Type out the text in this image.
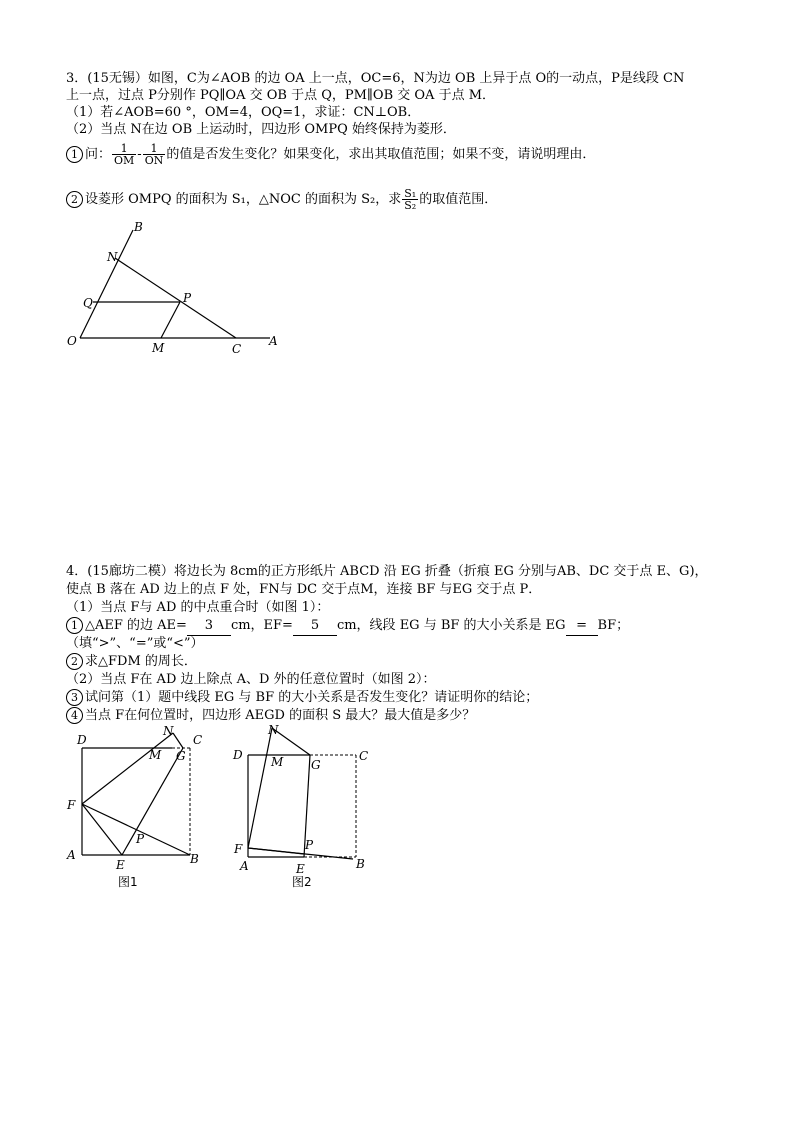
3．(15无锡）如图，C为∠AOB 的边 OA 上一点，OC=6，N为边 OB 上异于点 O的一动点，P是线段 CN
上一点，过点 P分别作 PQ∥OA 交 OB 于点 Q，PM∥OB 交 OA 于点 M．
（1）若∠AOB=60 °，OM=4，OQ=1，求证：CN⊥OB．
（2）当点 N在边 OB 上运动时，四边形 OMPQ 始终保持为菱形．
1 问： $\frac{1}{OM} - \frac{1}{ON}$ 的值是否发生变化？如果变化，求出其取值范围；如果不变，请说明理由．
2 设菱形 OMPQ 的面积为 S₁，△NOC 的面积为 S₂，求 $\frac{\text{S₁}}{\text{S₂}}$ 的取值范围．
B
N
Q	P
O	M	C
A
4．(15廊坊二模）将边长为 8cm的正方形纸片 ABCD 沿 EG 折叠（折痕 EG 分别与AB、DC 交于点 E、G)，
使点 B 落在 AD 边上的点 F 处，FN与 DC 交于点M，连接 BF 与EG 交于点 P．
（1）当点 F与 AD 的中点重合时（如图 1）：
1 △AEF 的边 AE= 3 cm，EF= 5 cm，线段 EG 与 BF 的大小关系是 EG = BF；
（填“>”、“=”或“<”）
2 求△FDM 的周长．
（2）当点 F在 AD 边上除点 A、D 外的任意位置时（如图 2）：
3 试问第（1）题中线段 EG 与 BF 的大小关系是否发生变化？请证明你的结论；
4 当点 F在何位置时，四边形 AEGD 的面积 S 最大？最大值是多少？
D
N
C
M G
F
P
A
E	B
图1
D
N
C
M G
F	P
A	E	B
图2
